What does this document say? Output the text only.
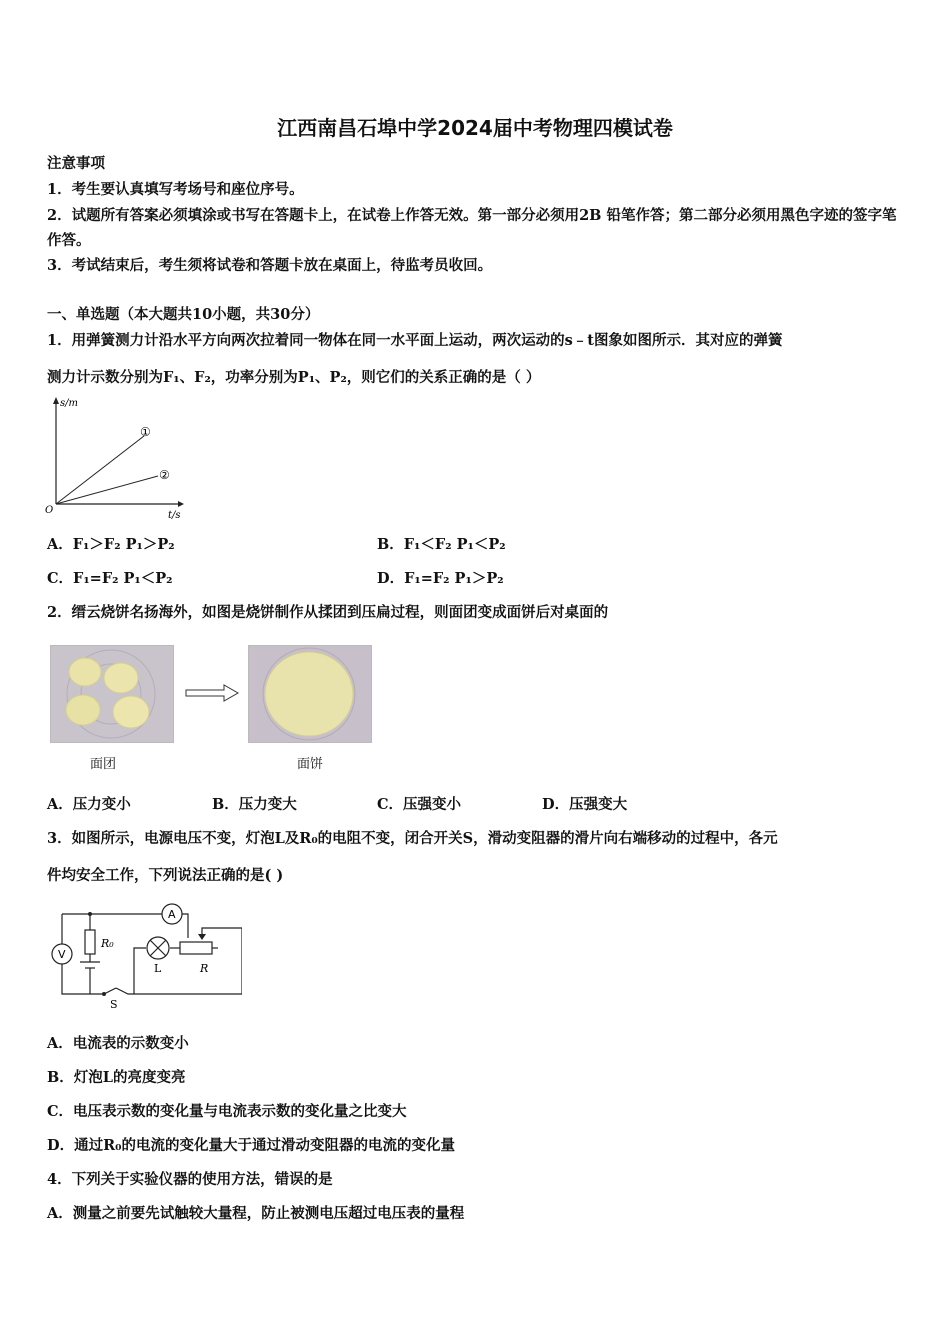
江西南昌石埠中学2024届中考物理四模试卷
注意事项
1．考生要认真填写考场号和座位序号。
2．试题所有答案必须填涂或书写在答题卡上，在试卷上作答无效。第一部分必须用2B 铅笔作答；第二部分必须用黑色字迹的签字笔作答。
3．考试结束后，考生须将试卷和答题卡放在桌面上，待监考员收回。
一、单选题（本大题共10小题，共30分）
1．用弹簧测力计沿水平方向两次拉着同一物体在同一水平面上运动，两次运动的s﹣t图象如图所示．其对应的弹簧
测力计示数分别为F₁、F₂，功率分别为P₁、P₂，则它们的关系正确的是（ ）
s/m
t/s
O
①
②
A．F₁＞F₂ P₁＞P₂	B．F₁＜F₂ P₁＜P₂
C．F₁=F₂ P₁＜P₂	D．F₁=F₂ P₁＞P₂
2．缙云烧饼名扬海外，如图是烧饼制作从揉团到压扁过程，则面团变成面饼后对桌面的
面团	面饼
A．压力变小	B．压力变大	C．压强变小	D．压强变大
3．如图所示，电源电压不变，灯泡L及R₀的电阻不变，闭合开关S，滑动变阻器的滑片向右端移动的过程中，各元
件均安全工作，下列说法正确的是( )
A
V
R₀
L	R
S
A．电流表的示数变小
B．灯泡L的亮度变亮
C．电压表示数的变化量与电流表示数的变化量之比变大
D．通过R₀的电流的变化量大于通过滑动变阻器的电流的变化量
4．下列关于实验仪器的使用方法，错误的是
A．测量之前要先试触较大量程，防止被测电压超过电压表的量程
